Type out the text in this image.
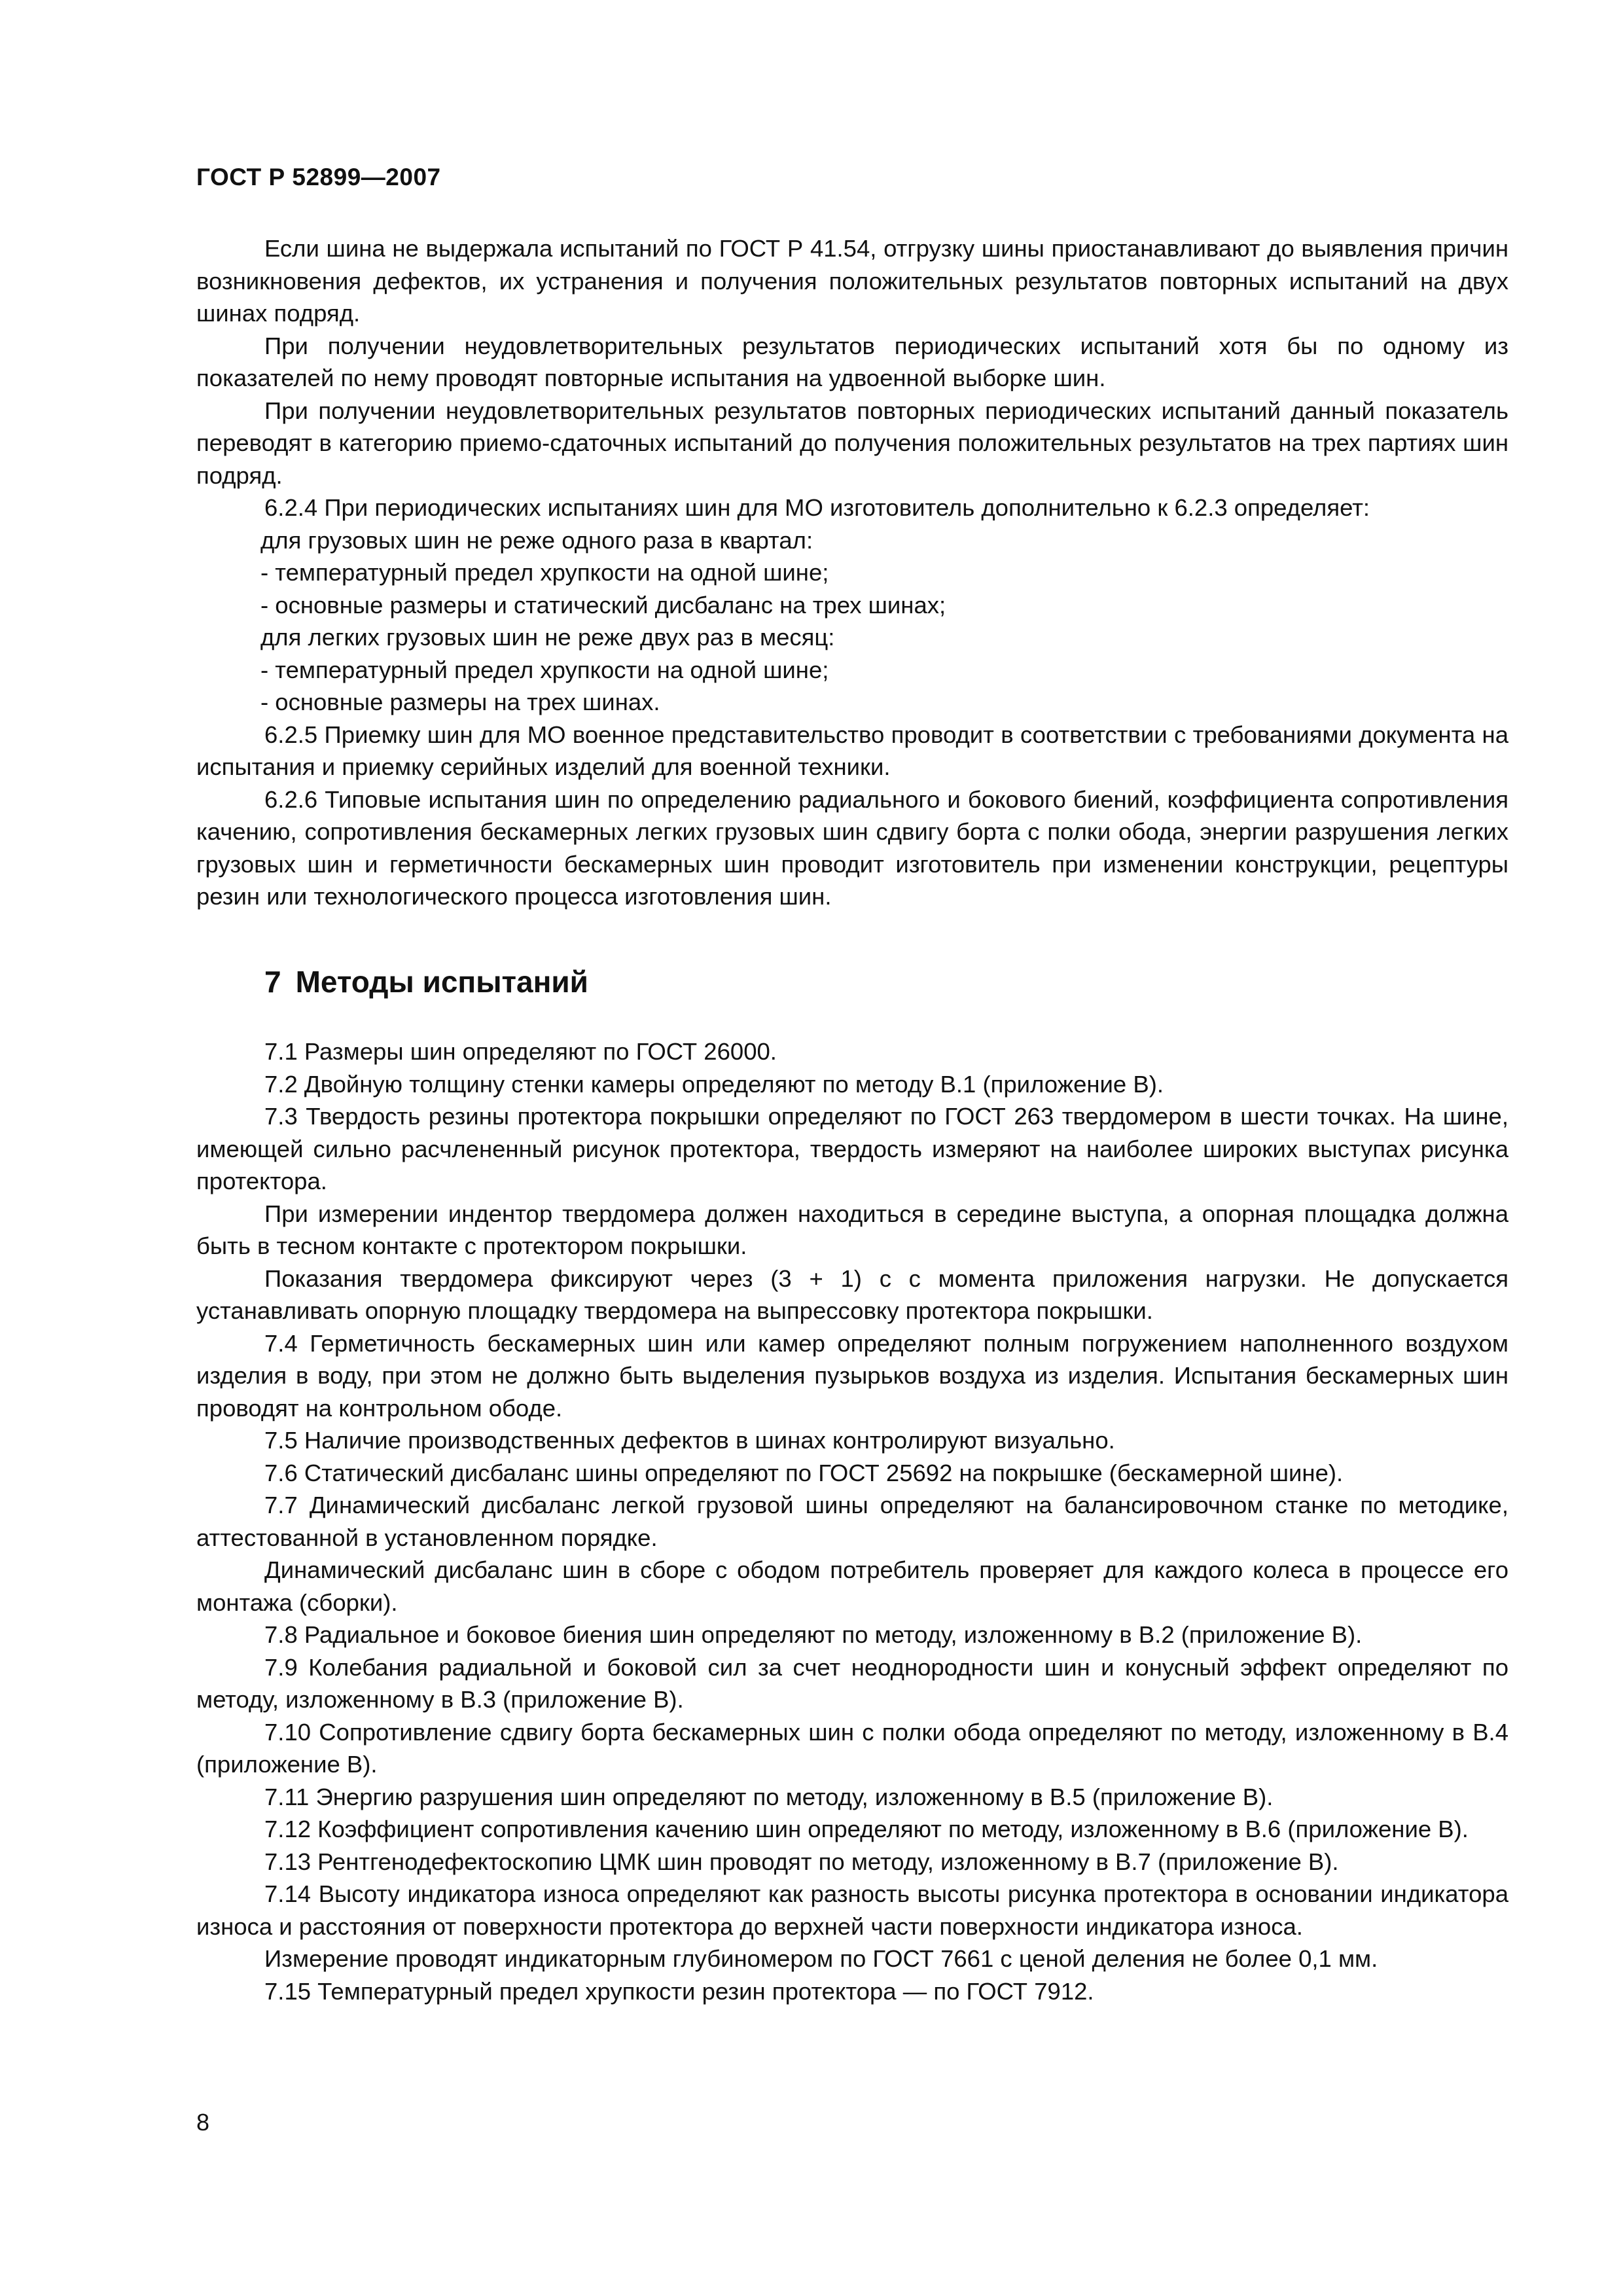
ГОСТ Р 52899—2007

Если шина не выдержала испытаний по ГОСТ Р 41.54, отгрузку шины приостанавливают до выявления причин возникновения дефектов, их устранения и получения положительных результатов повторных испытаний на двух шинах подряд.

При получении неудовлетворительных результатов периодических испытаний хотя бы по одному из показателей по нему проводят повторные испытания на удвоенной выборке шин.

При получении неудовлетворительных результатов повторных периодических испытаний данный показатель переводят в категорию приемо-сдаточных испытаний до получения положительных результатов на трех партиях шин подряд.

6.2.4 При периодических испытаниях шин для МО изготовитель дополнительно к 6.2.3 определяет:

для грузовых шин не реже одного раза в квартал:

- температурный предел хрупкости на одной шине;

- основные размеры и статический дисбаланс на трех шинах;

для легких грузовых шин не реже двух раз в месяц:

- температурный предел хрупкости на одной шине;

- основные размеры на трех шинах.

6.2.5 Приемку шин для МО военное представительство проводит в соответствии с требованиями документа на испытания и приемку серийных изделий для военной техники.

6.2.6 Типовые испытания шин по определению радиального и бокового биений, коэффициента сопротивления качению, сопротивления бескамерных легких грузовых шин сдвигу борта с полки обода, энергии разрушения легких грузовых шин и герметичности бескамерных шин проводит изготовитель при изменении конструкции, рецептуры резин или технологического процесса изготовления шин.

7 Методы испытаний

7.1 Размеры шин определяют по ГОСТ 26000.

7.2 Двойную толщину стенки камеры определяют по методу В.1 (приложение В).

7.3 Твердость резины протектора покрышки определяют по ГОСТ 263 твердомером в шести точках. На шине, имеющей сильно расчлененный рисунок протектора, твердость измеряют на наиболее широких выступах рисунка протектора.

При измерении индентор твердомера должен находиться в середине выступа, а опорная площадка должна быть в тесном контакте с протектором покрышки.

Показания твердомера фиксируют через (3 + 1) с с момента приложения нагрузки. Не допускается устанавливать опорную площадку твердомера на выпрессовку протектора покрышки.

7.4 Герметичность бескамерных шин или камер определяют полным погружением наполненного воздухом изделия в воду, при этом не должно быть выделения пузырьков воздуха из изделия. Испытания бескамерных шин проводят на контрольном ободе.

7.5 Наличие производственных дефектов в шинах контролируют визуально.

7.6 Статический дисбаланс шины определяют по ГОСТ 25692 на покрышке (бескамерной шине).

7.7 Динамический дисбаланс легкой грузовой шины определяют на балансировочном станке по методике, аттестованной в установленном порядке.

Динамический дисбаланс шин в сборе с ободом потребитель проверяет для каждого колеса в процессе его монтажа (сборки).

7.8 Радиальное и боковое биения шин определяют по методу, изложенному в В.2 (приложение В).

7.9 Колебания радиальной и боковой сил за счет неоднородности шин и конусный эффект определяют по методу, изложенному в В.3 (приложение В).

7.10 Сопротивление сдвигу борта бескамерных шин с полки обода определяют по методу, изложенному в В.4 (приложение В).

7.11 Энергию разрушения шин определяют по методу, изложенному в В.5 (приложение В).

7.12 Коэффициент сопротивления качению шин определяют по методу, изложенному в В.6 (приложение В).

7.13 Рентгенодефектоскопию ЦМК шин проводят по методу, изложенному в В.7 (приложение В).

7.14 Высоту индикатора износа определяют как разность высоты рисунка протектора в основании индикатора износа и расстояния от поверхности протектора до верхней части поверхности индикатора износа.

Измерение проводят индикаторным глубиномером по ГОСТ 7661 с ценой деления не более 0,1 мм.

7.15 Температурный предел хрупкости резин протектора — по ГОСТ 7912.

8
